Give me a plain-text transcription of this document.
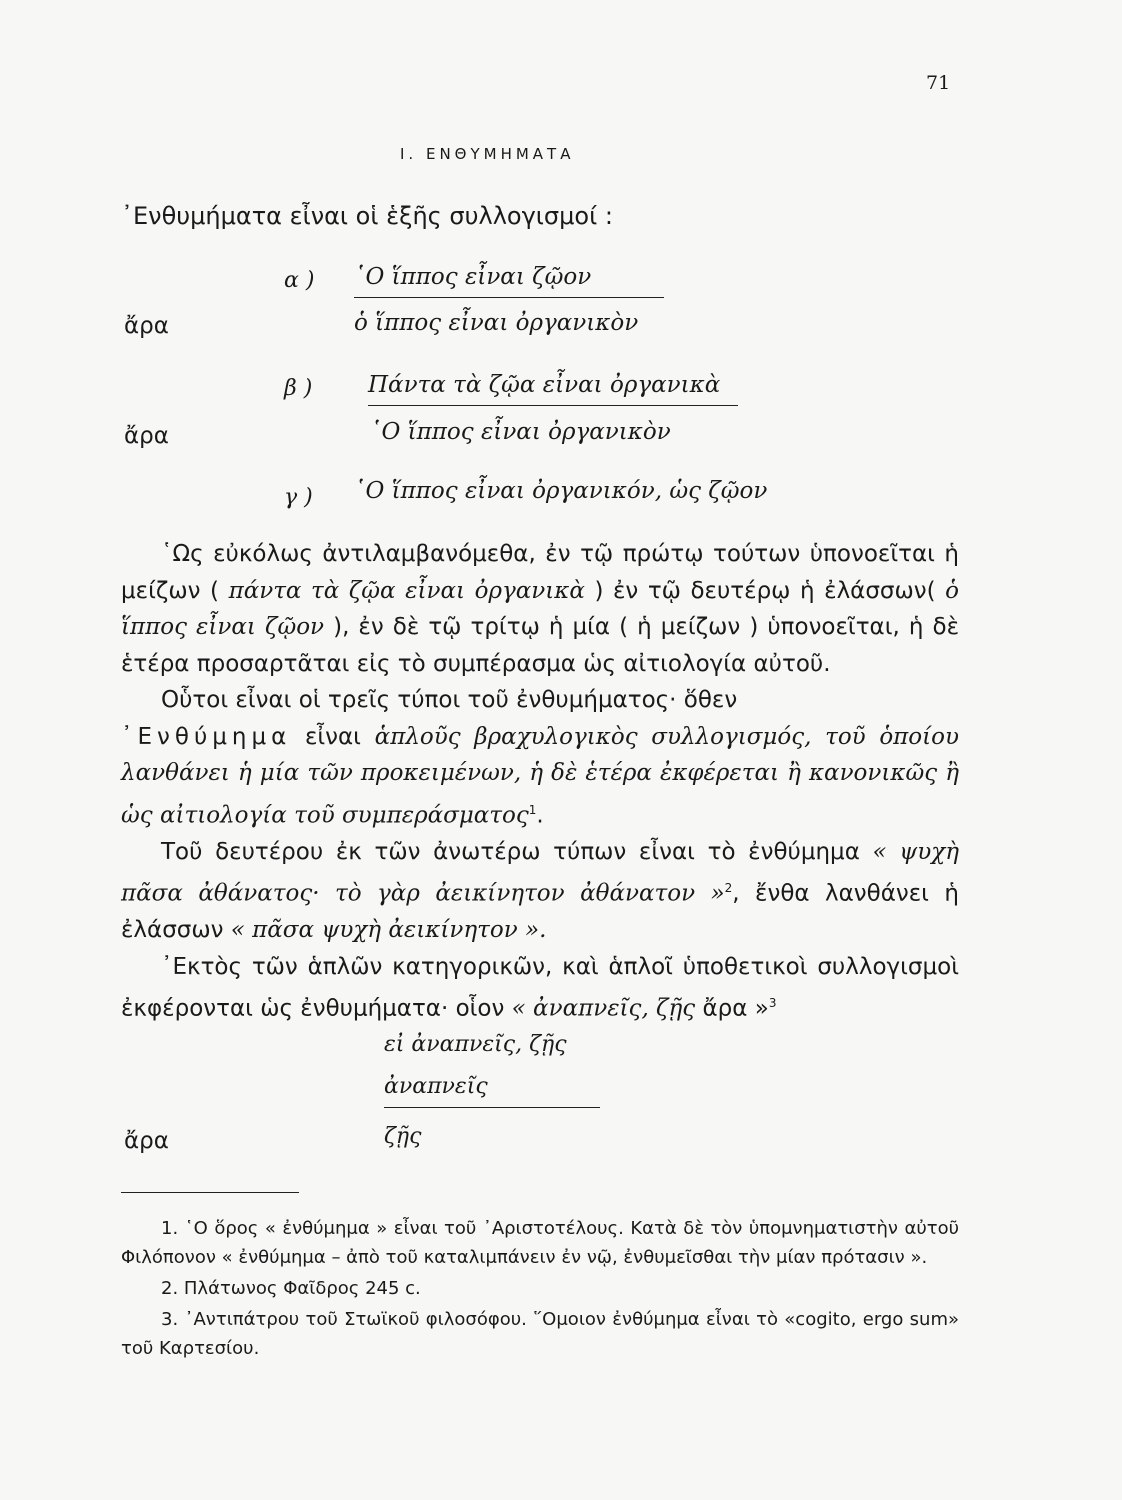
71
Ι. ΕΝΘΥΜΗΜΑΤΑ
᾿Ενθυμήματα εἶναι οἱ ἑξῆς συλλογισμοί :
α ) ῾Ο ἵππος εἶναι ζῷον
ἄρα	ὁ ἵππος εἶναι ὀργανικὸν
β ) Πάντα τὰ ζῷα εἶναι ὀργανικὰ
ἄρα	῾Ο ἵππος εἶναι ὀργανικὸν
γ ) ῾Ο ἵππος εἶναι ὀργανικόν, ὡς ζῷον

῾Ως εὐκόλως ἀντιλαμβανόμεθα, ἐν τῷ πρώτῳ τούτων ὑπονοεῖται ἡ μείζων ( πάντα τὰ ζῷα εἶναι ὀργανικὰ ) ἐν τῷ δευτέρῳ ἡ ἐλάσσων( ὁ ἵππος εἶναι ζῷον ), ἐν δὲ τῷ τρίτῳ ἡ μία ( ἡ μείζων ) ὑπονοεῖται, ἡ δὲ ἑτέρα προσαρτᾶται εἰς τὸ συμπέρασμα ὡς αἰτιολογία αὐτοῦ.

Οὗτοι εἶναι οἱ τρεῖς τύποι τοῦ ἐνθυμήματος· ὅθεν

᾿Ενθύμημα εἶναι ἁπλοῦς βραχυλογικὸς συλλογισμός, τοῦ ὁποίου λανθάνει ἡ μία τῶν προκειμένων, ἡ δὲ ἑτέρα ἐκφέρεται ἢ κανονικῶς ἢ ὡς αἰτιολογία τοῦ συμπεράσματος$^1$.

Τοῦ δευτέρου ἐκ τῶν ἀνωτέρω τύπων εἶναι τὸ ἐνθύμημα « ψυχὴ πᾶσα ἀθάνατος· τὸ γὰρ ἀεικίνητον ἀθάνατον »$^2$, ἔνθα λανθάνει ἡ ἐλάσσων « πᾶσα ψυχὴ ἀεικίνητον ».

᾿Εκτὸς τῶν ἁπλῶν κατηγορικῶν, καὶ ἁπλοῖ ὑποθετικοὶ συλλογισμοὶ ἐκφέρονται ὡς ἐνθυμήματα· οἷον « ἀναπνεῖς, ζῇς ἄρα »$^3$

εἰ ἀναπνεῖς, ζῇς
ἀναπνεῖς
ἄρα	ζῇς

1. ῾Ο ὅρος « ἐνθύμημα » εἶναι τοῦ ᾿Αριστοτέλους. Κατὰ δὲ τὸν ὑπομνηματιστὴν αὐτοῦ Φιλόπονον « ἐνθύμημα – ἀπὸ τοῦ καταλιμπάνειν ἐν νῷ, ἐνθυμεῖσθαι τὴν μίαν πρότασιν ».

2. Πλάτωνος Φαῖδρος 245 c.

3. ᾿Αντιπάτρου τοῦ Στωϊκοῦ φιλοσόφου. ῞Ομοιον ἐνθύμημα εἶναι τὸ «cogito, ergo sum» τοῦ Καρτεσίου.
